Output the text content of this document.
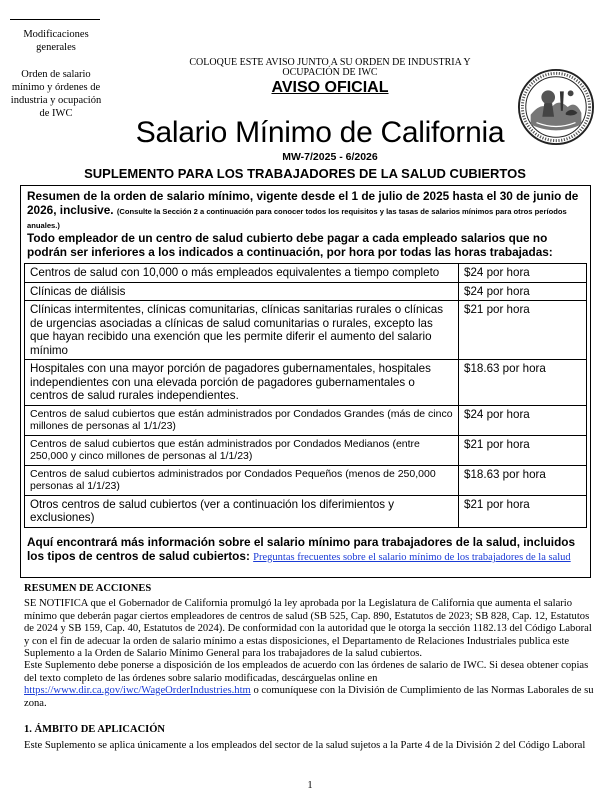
Modificaciones generales
Orden de salario mínimo y órdenes de industria y ocupación de IWC
COLOQUE ESTE AVISO JUNTO A SU ORDEN DE INDUSTRIA Y OCUPACIÓN DE IWC
AVISO OFICIAL
Salario Mínimo de California
MW-7/2025 - 6/2026
SUPLEMENTO PARA LOS TRABAJADORES DE LA SALUD CUBIERTOS
Resumen de la orden de salario mínimo, vigente desde el 1 de julio de 2025 hasta el 30 de junio de 2026, inclusive. (Consulte la Sección 2 a continuación para conocer todos los requisitos y las tasas de salarios mínimos para otros períodos anuales.)
Todo empleador de un centro de salud cubierto debe pagar a cada empleado salarios que no podrán ser inferiores a los indicados a continuación, por hora por todas las horas trabajadas:
Centros de salud con 10,000 o más empleados equivalentes a tiempo completo	$24 por hora
Clínicas de diálisis	$24 por hora
Clínicas intermitentes, clínicas comunitarias, clínicas sanitarias rurales o clínicas de urgencias asociadas a clínicas de salud comunitarias o rurales, excepto las que hayan recibido una exención que les permite diferir el aumento del salario mínimo	$21 por hora
Hospitales con una mayor porción de pagadores gubernamentales, hospitales independientes con una elevada porción de pagadores gubernamentales o centros de salud rurales independientes.	$18.63 por hora
Centros de salud cubiertos que están administrados por Condados Grandes (más de cinco millones de personas al 1/1/23)	$24 por hora
Centros de salud cubiertos que están administrados por Condados Medianos (entre 250,000 y cinco millones de personas al 1/1/23)	$21 por hora
Centros de salud cubiertos administrados por Condados Pequeños (menos de 250,000 personas al 1/1/23)	$18.63 por hora
Otros centros de salud cubiertos (ver a continuación los diferimientos y exclusiones)	$21 por hora
Aquí encontrará más información sobre el salario mínimo para trabajadores de la salud, incluidos los tipos de centros de salud cubiertos: Preguntas frecuentes sobre el salario mínimo de los trabajadores de la salud
RESUMEN DE ACCIONES
SE NOTIFICA que el Gobernador de California promulgó la ley aprobada por la Legislatura de California que aumenta el salario mínimo que deberán pagar ciertos empleadores de centros de salud (SB 525, Cap. 890, Estatutos de 2023; SB 828, Cap. 12, Estatutos de 2024 y SB 159, Cap. 40, Estatutos de 2024). De conformidad con la autoridad que le otorga la sección 1182.13 del Código Laboral y con el fin de adecuar la orden de salario mínimo a estas disposiciones, el Departamento de Relaciones Industriales publica este Suplemento a la Orden de Salario Mínimo General para los trabajadores de la salud cubiertos.
Este Suplemento debe ponerse a disposición de los empleados de acuerdo con las órdenes de salario de IWC. Si desea obtener copias del texto completo de las órdenes sobre salario modificadas, descárguelas online en https://www.dir.ca.gov/iwc/WageOrderIndustries.htm o comuníquese con la División de Cumplimiento de las Normas Laborales de su zona.
1. ÁMBITO DE APLICACIÓN
Este Suplemento se aplica únicamente a los empleados del sector de la salud sujetos a la Parte 4 de la División 2 del Código Laboral
1
